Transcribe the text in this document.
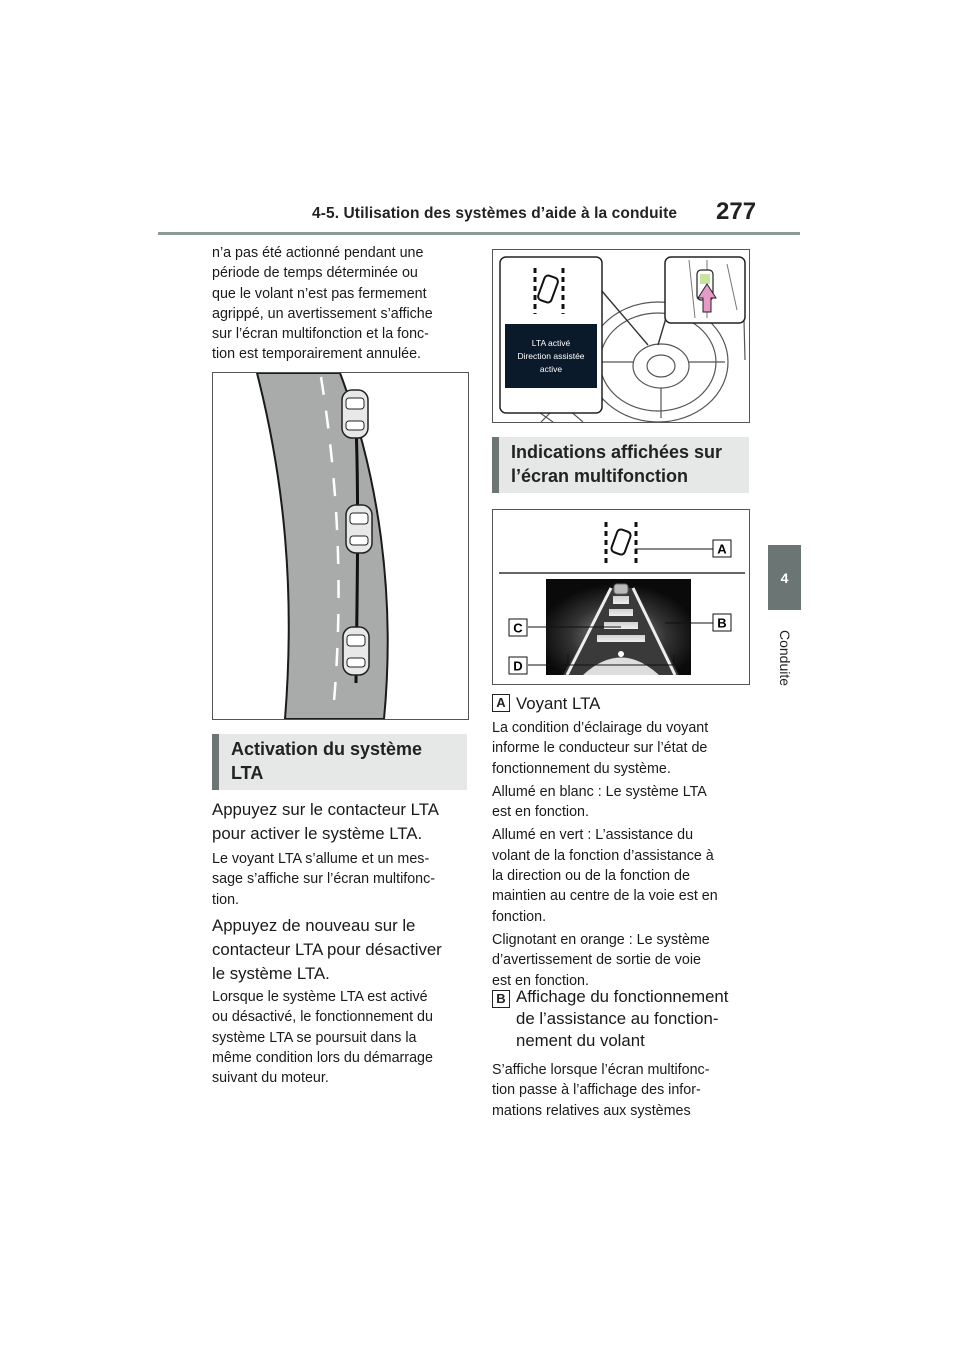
4-5. Utilisation des systèmes d’aide à la conduite 277
4
Conduite
n’a pas été actionné pendant une
période de temps déterminée ou
que le volant n’est pas fermement
agrippé, un avertissement s’affiche
sur l’écran multifonction et la fonc-
tion est temporairement annulée.
Activation du système
LTA
Appuyez sur le contacteur LTA
pour activer le système LTA.
Le voyant LTA s’allume et un mes-
sage s’affiche sur l’écran multifonc-
tion.
Appuyez de nouveau sur le
contacteur LTA pour désactiver
le système LTA.
Lorsque le système LTA est activé
ou désactivé, le fonctionnement du
système LTA se poursuit dans la
même condition lors du démarrage
suivant du moteur.
LTA activé
Direction assistée
active
Indications affichées sur
l’écran multifonction
A
B
C
D
A Voyant LTA
La condition d’éclairage du voyant
informe le conducteur sur l’état de
fonctionnement du système.
Allumé en blanc : Le système LTA
est en fonction.
Allumé en vert : L’assistance du
volant de la fonction d’assistance à
la direction ou de la fonction de
maintien au centre de la voie est en
fonction.
Clignotant en orange : Le système
d’avertissement de sortie de voie
est en fonction.
B Affichage du fonctionnement
de l’assistance au fonction-
nement du volant
S’affiche lorsque l’écran multifonc-
tion passe à l’affichage des infor-
mations relatives aux systèmes
